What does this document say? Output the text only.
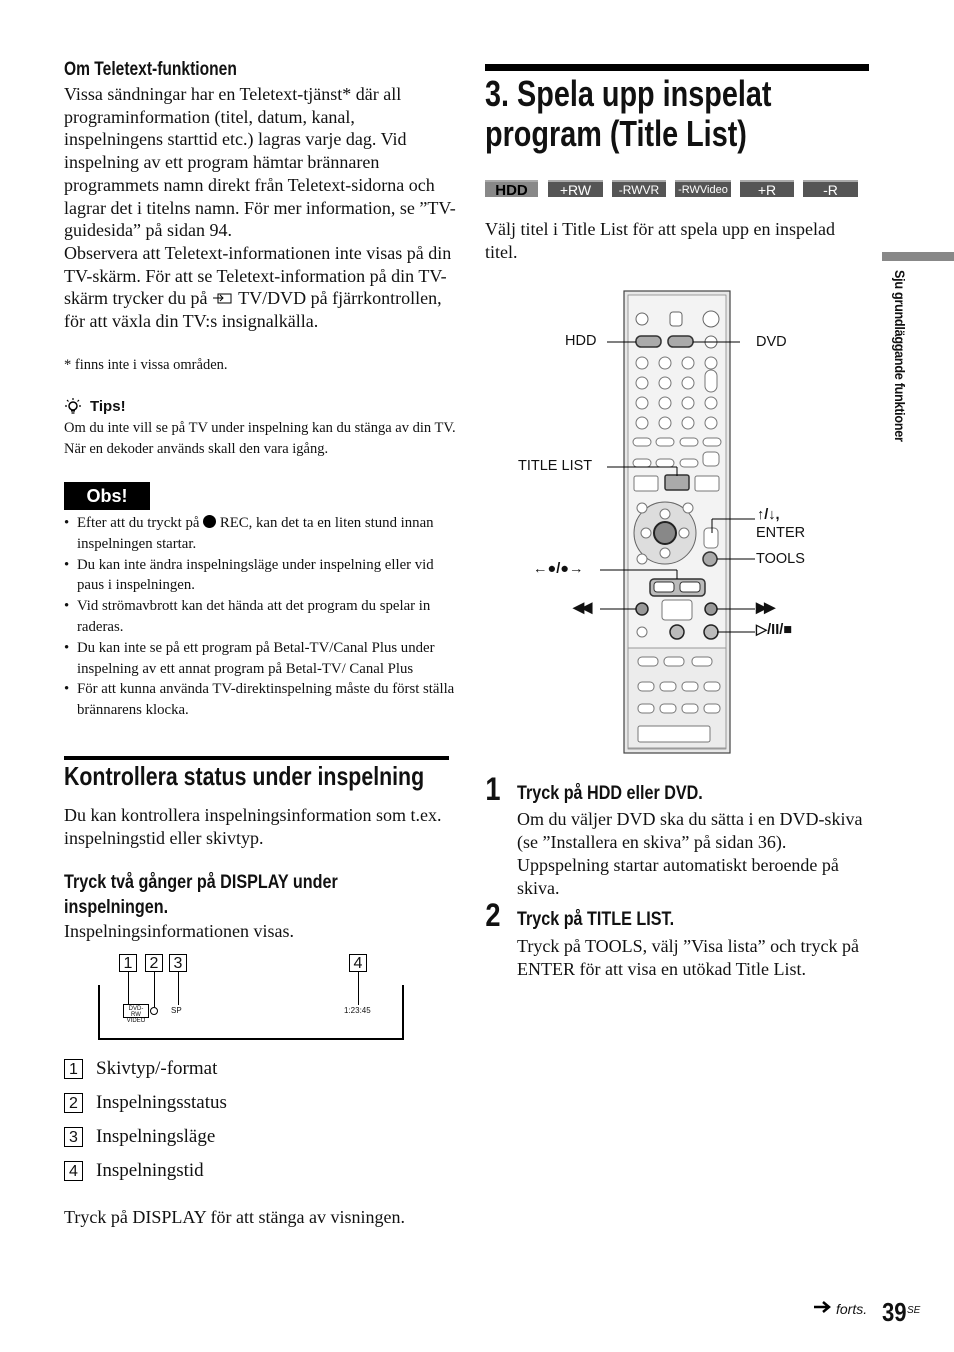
Om Teletext-funktionen

Vissa sändningar har en Teletext-tjänst* där all programinformation (titel, datum, kanal, inspelningens starttid etc.) lagras varje dag. Vid inspelning av ett program hämtar brännaren programmets namn direkt från Teletext-sidorna och lagrar det i titelns namn. För mer information, se ”TV-guidesida” på sidan 94.

Observera att Teletext-informationen inte visas på din TV-skärm. För att se Teletext-information på din TV-skärm trycker du på TV/DVD på fjärrkontrollen, för att växla din TV:s insignalkälla.

* finns inte i vissa områden.
Tips!
Om du inte vill se på TV under inspelning kan du stänga av din TV. När en dekoder används skall den vara igång.
Obs!
• Efter att du tryckt på REC, kan det ta en liten stund innan inspelningen startar.
• Du kan inte ändra inspelningsläge under inspelning eller vid paus i inspelningen.
• Vid strömavbrott kan det hända att det program du spelar in raderas.
• Du kan inte se på ett program på Betal-TV/Canal Plus under inspelning av ett annat program på Betal-TV/ Canal Plus
• För att kunna använda TV-direktinspelning måste du först ställa brännarens klocka.
Kontrollera status under inspelning
Du kan kontrollera inspelningsinformation som t.ex. inspelningstid eller skivtyp.
Tryck två gånger på DISPLAY under inspelningen.
Inspelningsinformationen visas.
1 2 3	4
DVD-RW VIDEO
SP	1:23:45
1 Skivtyp/-format
2 Inspelningsstatus
3 Inspelningsläge
4 Inspelningstid
Tryck på DISPLAY för att stänga av visningen.
3. Spela upp inspelat program (Title List)
HDD	+RW	-RWVR	-RWVideo	+R	-R
Välj titel i Title List för att spela upp en inspelad titel.
HDD	DVD
TITLE LIST
↑/↓,
ENTER
TOOLS
←●/●→
◀◀	▶▶
▷/II/■
1 Tryck på HDD eller DVD.
Om du väljer DVD ska du sätta i en DVD-skiva (se ”Installera en skiva” på sidan 36). Uppspelning startar automatiskt beroende på skiva.
2 Tryck på TITLE LIST.
Tryck på TOOLS, välj ”Visa lista” och tryck på ENTER för att visa en utökad Title List.
Sju grundläggande funktioner
forts. 39 SE
